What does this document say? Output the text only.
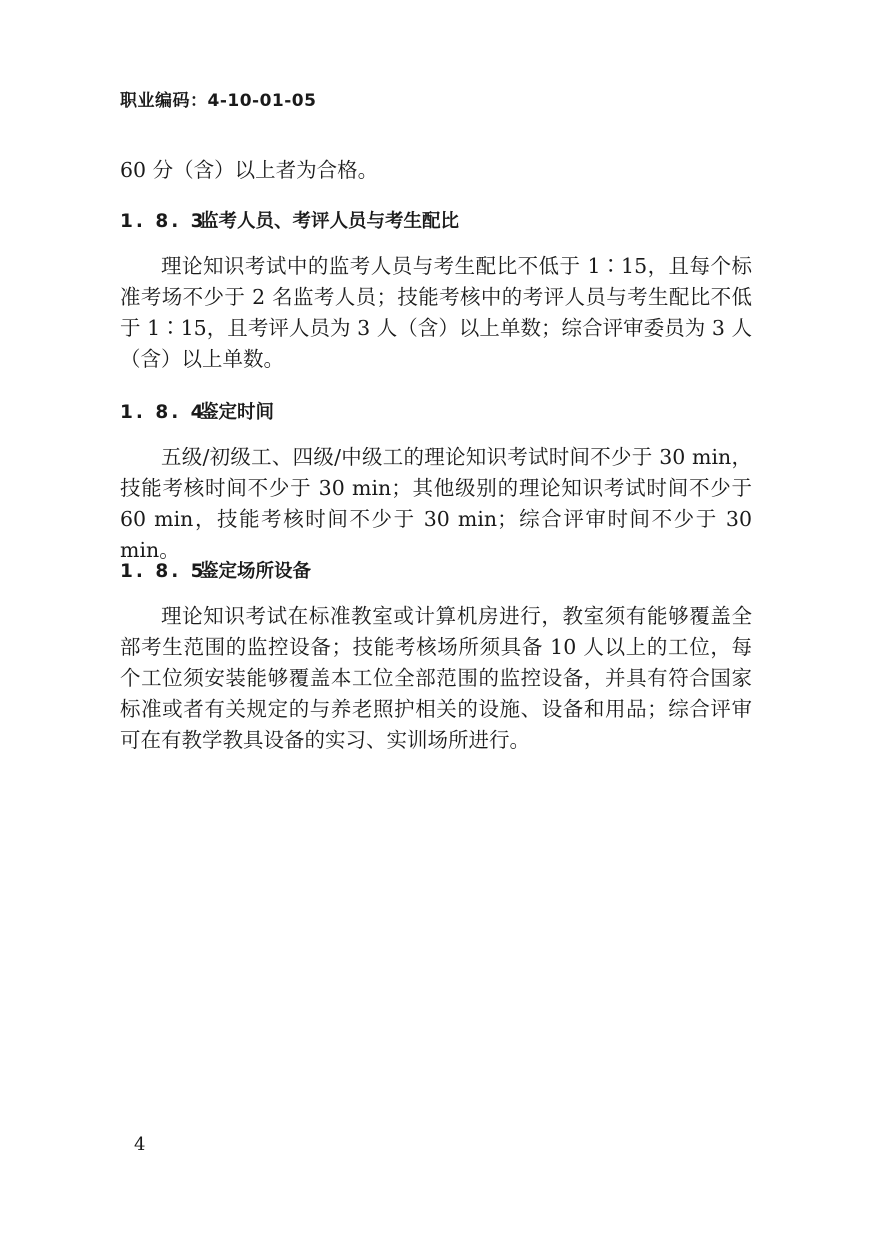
职业编码：4-10-01-05

60 分（含）以上者为合格。

1. 8. 3监考人员、考评人员与考生配比

理论知识考试中的监考人员与考生配比不低于 1∶15，且每个标准考场不少于 2 名监考人员；技能考核中的考评人员与考生配比不低于 1∶15，且考评人员为 3 人（含）以上单数；综合评审委员为 3 人（含）以上单数。

1. 8. 4鉴定时间

五级/初级工、四级/中级工的理论知识考试时间不少于 30 min，技能考核时间不少于 30 min；其他级别的理论知识考试时间不少于 60 min，技能考核时间不少于 30 min；综合评审时间不少于 30 min。

1. 8. 5鉴定场所设备

理论知识考试在标准教室或计算机房进行，教室须有能够覆盖全部考生范围的监控设备；技能考核场所须具备 10 人以上的工位，每个工位须安装能够覆盖本工位全部范围的监控设备，并具有符合国家标准或者有关规定的与养老照护相关的设施、设备和用品；综合评审可在有教学教具设备的实习、实训场所进行。

4
